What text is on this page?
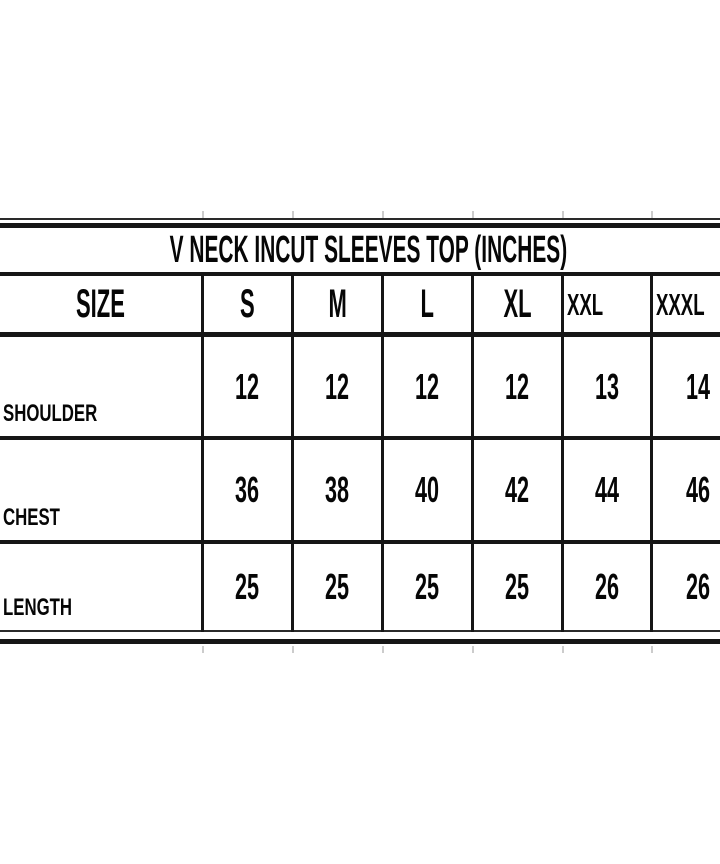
V NECK INCUT SLEEVES TOP (INCHES)
SIZE	S M L XL XXL XXXL
SHOULDER
12 12 12 12 13 14
CHEST
36 38 40 42 44 46
LENGTH
25 25 25 25 26 26
